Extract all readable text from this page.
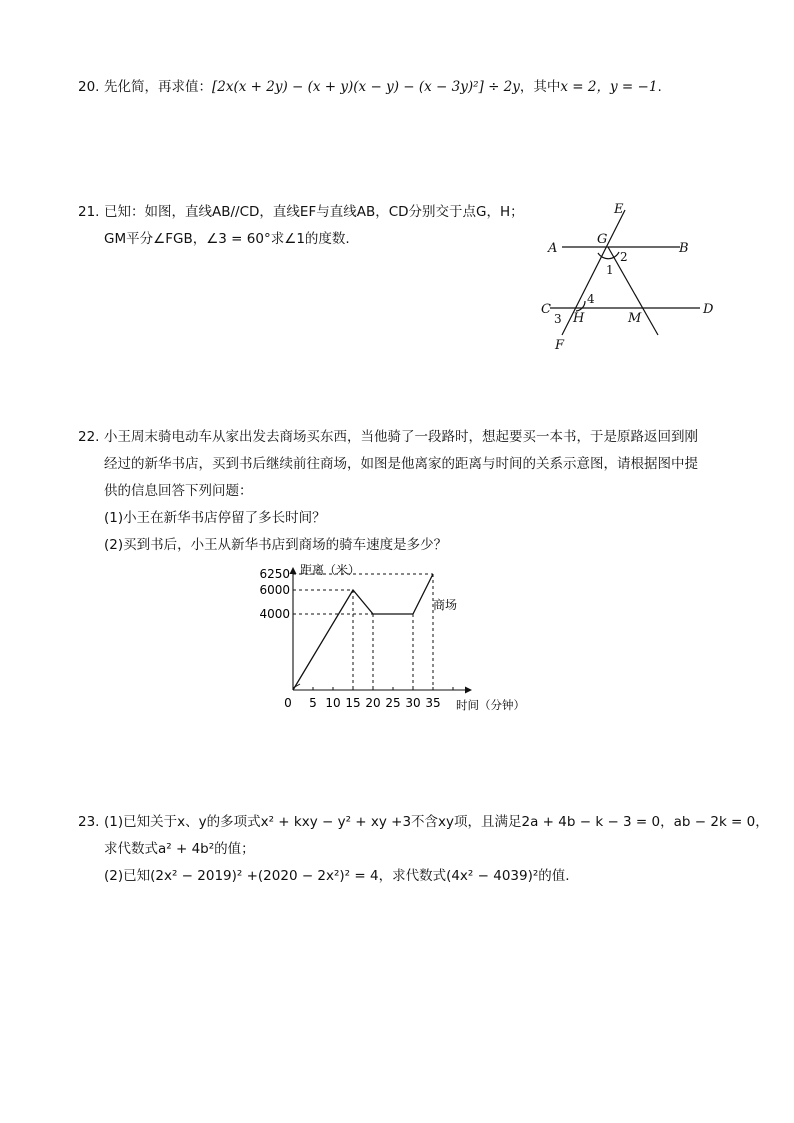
20. 先化简，再求值：[2x(x + 2y) − (x + y)(x − y) − (x − 3y)²] ÷ 2y，其中x = 2，y = −1.
21. 已知：如图，直线AB//CD，直线EF与直线AB，CD分别交于点G，H；
GM平分∠FGB，∠3 = 60°求∠1的度数.
E
A
G
B
2
1
C
4
D
3 H	M
F
22. 小王周末骑电动车从家出发去商场买东西，当他骑了一段路时，想起要买一本书，于是原路返回到刚
经过的新华书店，买到书后继续前往商场，如图是他离家的距离与时间的关系示意图，请根据图中提
供的信息回答下列问题：
(1)小王在新华书店停留了多长时间？
(2)买到书后，小王从新华书店到商场的骑车速度是多少？
距离（米）
时间（分钟）
商场
0 5 10 15 20 25 30 35
4000
6000
6250
23. (1)已知关于x、y的多项式x² + kxy − y² + xy +3不含xy项，且满足2a + 4b − k − 3 = 0，ab − 2k = 0，
求代数式a² + 4b²的值；
(2)已知(2x² − 2019)² +(2020 − 2x²)² = 4，求代数式(4x² − 4039)²的值.
